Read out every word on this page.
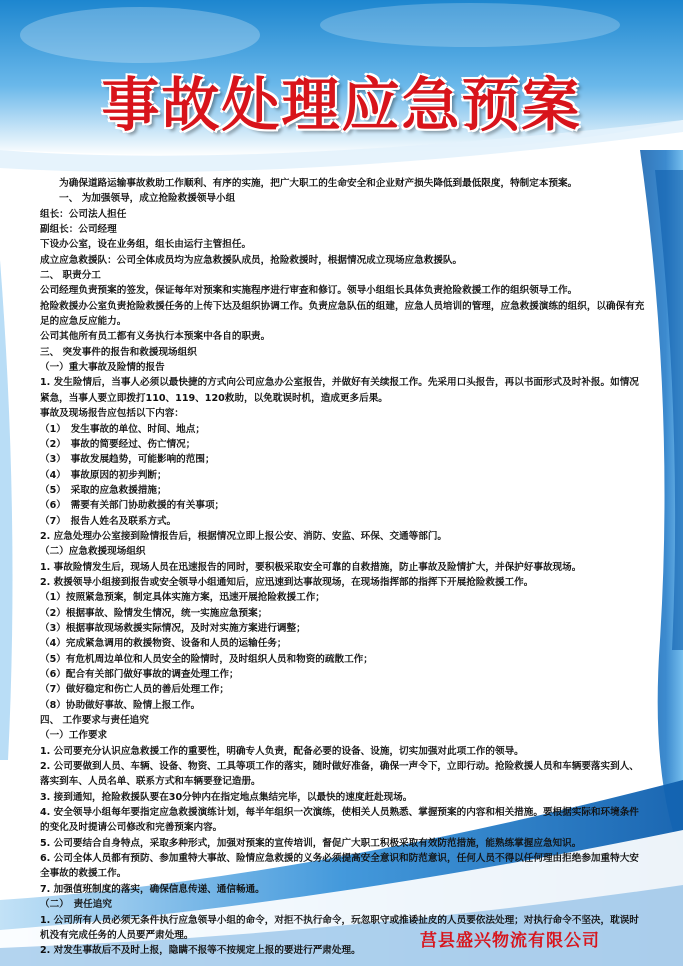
事故处理应急预案

　　为确保道路运输事故救助工作顺利、有序的实施，把广大职工的生命安全和企业财产损失降低到最低限度，特制定本预案。

　　一、 为加强领导，成立抢险救援领导小组

组长：公司法人担任

副组长：公司经理

下设办公室，设在业务组，组长由运行主管担任。

成立应急救援队：公司全体成员均为应急救援队成员，抢险救援时，根据情况成立现场应急救援队。

二、 职责分工

公司经理负责预案的签发，保证每年对预案和实施程序进行审查和修订。领导小组组长具体负责抢险救援工作的组织领导工作。

抢险救援办公室负责抢险救援任务的上传下达及组织协调工作。负责应急队伍的组建，应急人员培训的管理，应急救援演练的组织，以确保有充足的应急反应能力。

公司其他所有员工都有义务执行本预案中各自的职责。

三、 突发事件的报告和救援现场组织

（一）重大事故及险情的报告

1. 发生险情后，当事人必须以最快捷的方式向公司应急办公室报告，并做好有关续报工作。先采用口头报告，再以书面形式及时补报。如情况紧急，当事人要立即拨打110、119、120救助，以免耽误时机，造成更多后果。

事故及现场报告应包括以下内容：

（1）　发生事故的单位、时间、地点；

（2）　事故的简要经过、伤亡情况；

（3）　事故发展趋势，可能影响的范围；

（4）　事故原因的初步判断；

（5）　采取的应急救援措施；

（6）　需要有关部门协助救援的有关事项；

（7）　报告人姓名及联系方式。

2. 应急处理办公室接到险情报告后，根据情况立即上报公安、消防、安监、环保、交通等部门。

（二）应急救援现场组织

1. 事故险情发生后，现场人员在迅速报告的同时，要积极采取安全可靠的自救措施，防止事故及险情扩大，并保护好事故现场。

2. 救援领导小组接到报告或安全领导小组通知后，应迅速到达事故现场，在现场指挥部的指挥下开展抢险救援工作。

（1）按照紧急预案，制定具体实施方案，迅速开展抢险救援工作；

（2）根据事故、险情发生情况，统一实施应急预案；

（3）根据事故现场救援实际情况，及时对实施方案进行调整；

（4）完成紧急调用的救援物资、设备和人员的运输任务；

（5）有危机周边单位和人员安全的险情时，及时组织人员和物资的疏散工作；

（6）配合有关部门做好事故的调查处理工作；

（7）做好稳定和伤亡人员的善后处理工作；

（8）协助做好事故、险情上报工作。

四、 工作要求与责任追究

（一）工作要求

1. 公司要充分认识应急救援工作的重要性，明确专人负责，配备必要的设备、设施，切实加强对此项工作的领导。

2. 公司要做到人员、车辆、设备、物资、工具等项工作的落实，随时做好准备，确保一声令下，立即行动。抢险救援人员和车辆要落实到人、落实到车、人员名单、联系方式和车辆要登记造册。

3. 接到通知，抢险救援队要在30分钟内在指定地点集结完毕，以最快的速度赶赴现场。

4. 安全领导小组每年要指定应急救援演练计划，每半年组织一次演练，使相关人员熟悉、掌握预案的内容和相关措施。要根据实际和环境条件的变化及时提请公司修改和完善预案内容。

5. 公司要结合自身特点，采取多种形式，加强对预案的宣传培训，督促广大职工积极采取有效防范措施，能熟练掌握应急知识。

6. 公司全体人员都有预防、参加重特大事故、险情应急救援的义务必须提高安全意识和防范意识，任何人员不得以任何理由拒绝参加重特大安全事故的救援工作。

7. 加强值班制度的落实，确保信息传递、通信畅通。

（二）　责任追究

1. 公司所有人员必须无条件执行应急领导小组的命令，对拒不执行命令，玩忽职守或推诿扯皮的人员要依法处理；对执行命令不坚决，耽误时机没有完成任务的人员要严肃处理。

2. 对发生事故后不及时上报，隐瞒不报等不按规定上报的要进行严肃处理。	莒县盛兴物流有限公司
